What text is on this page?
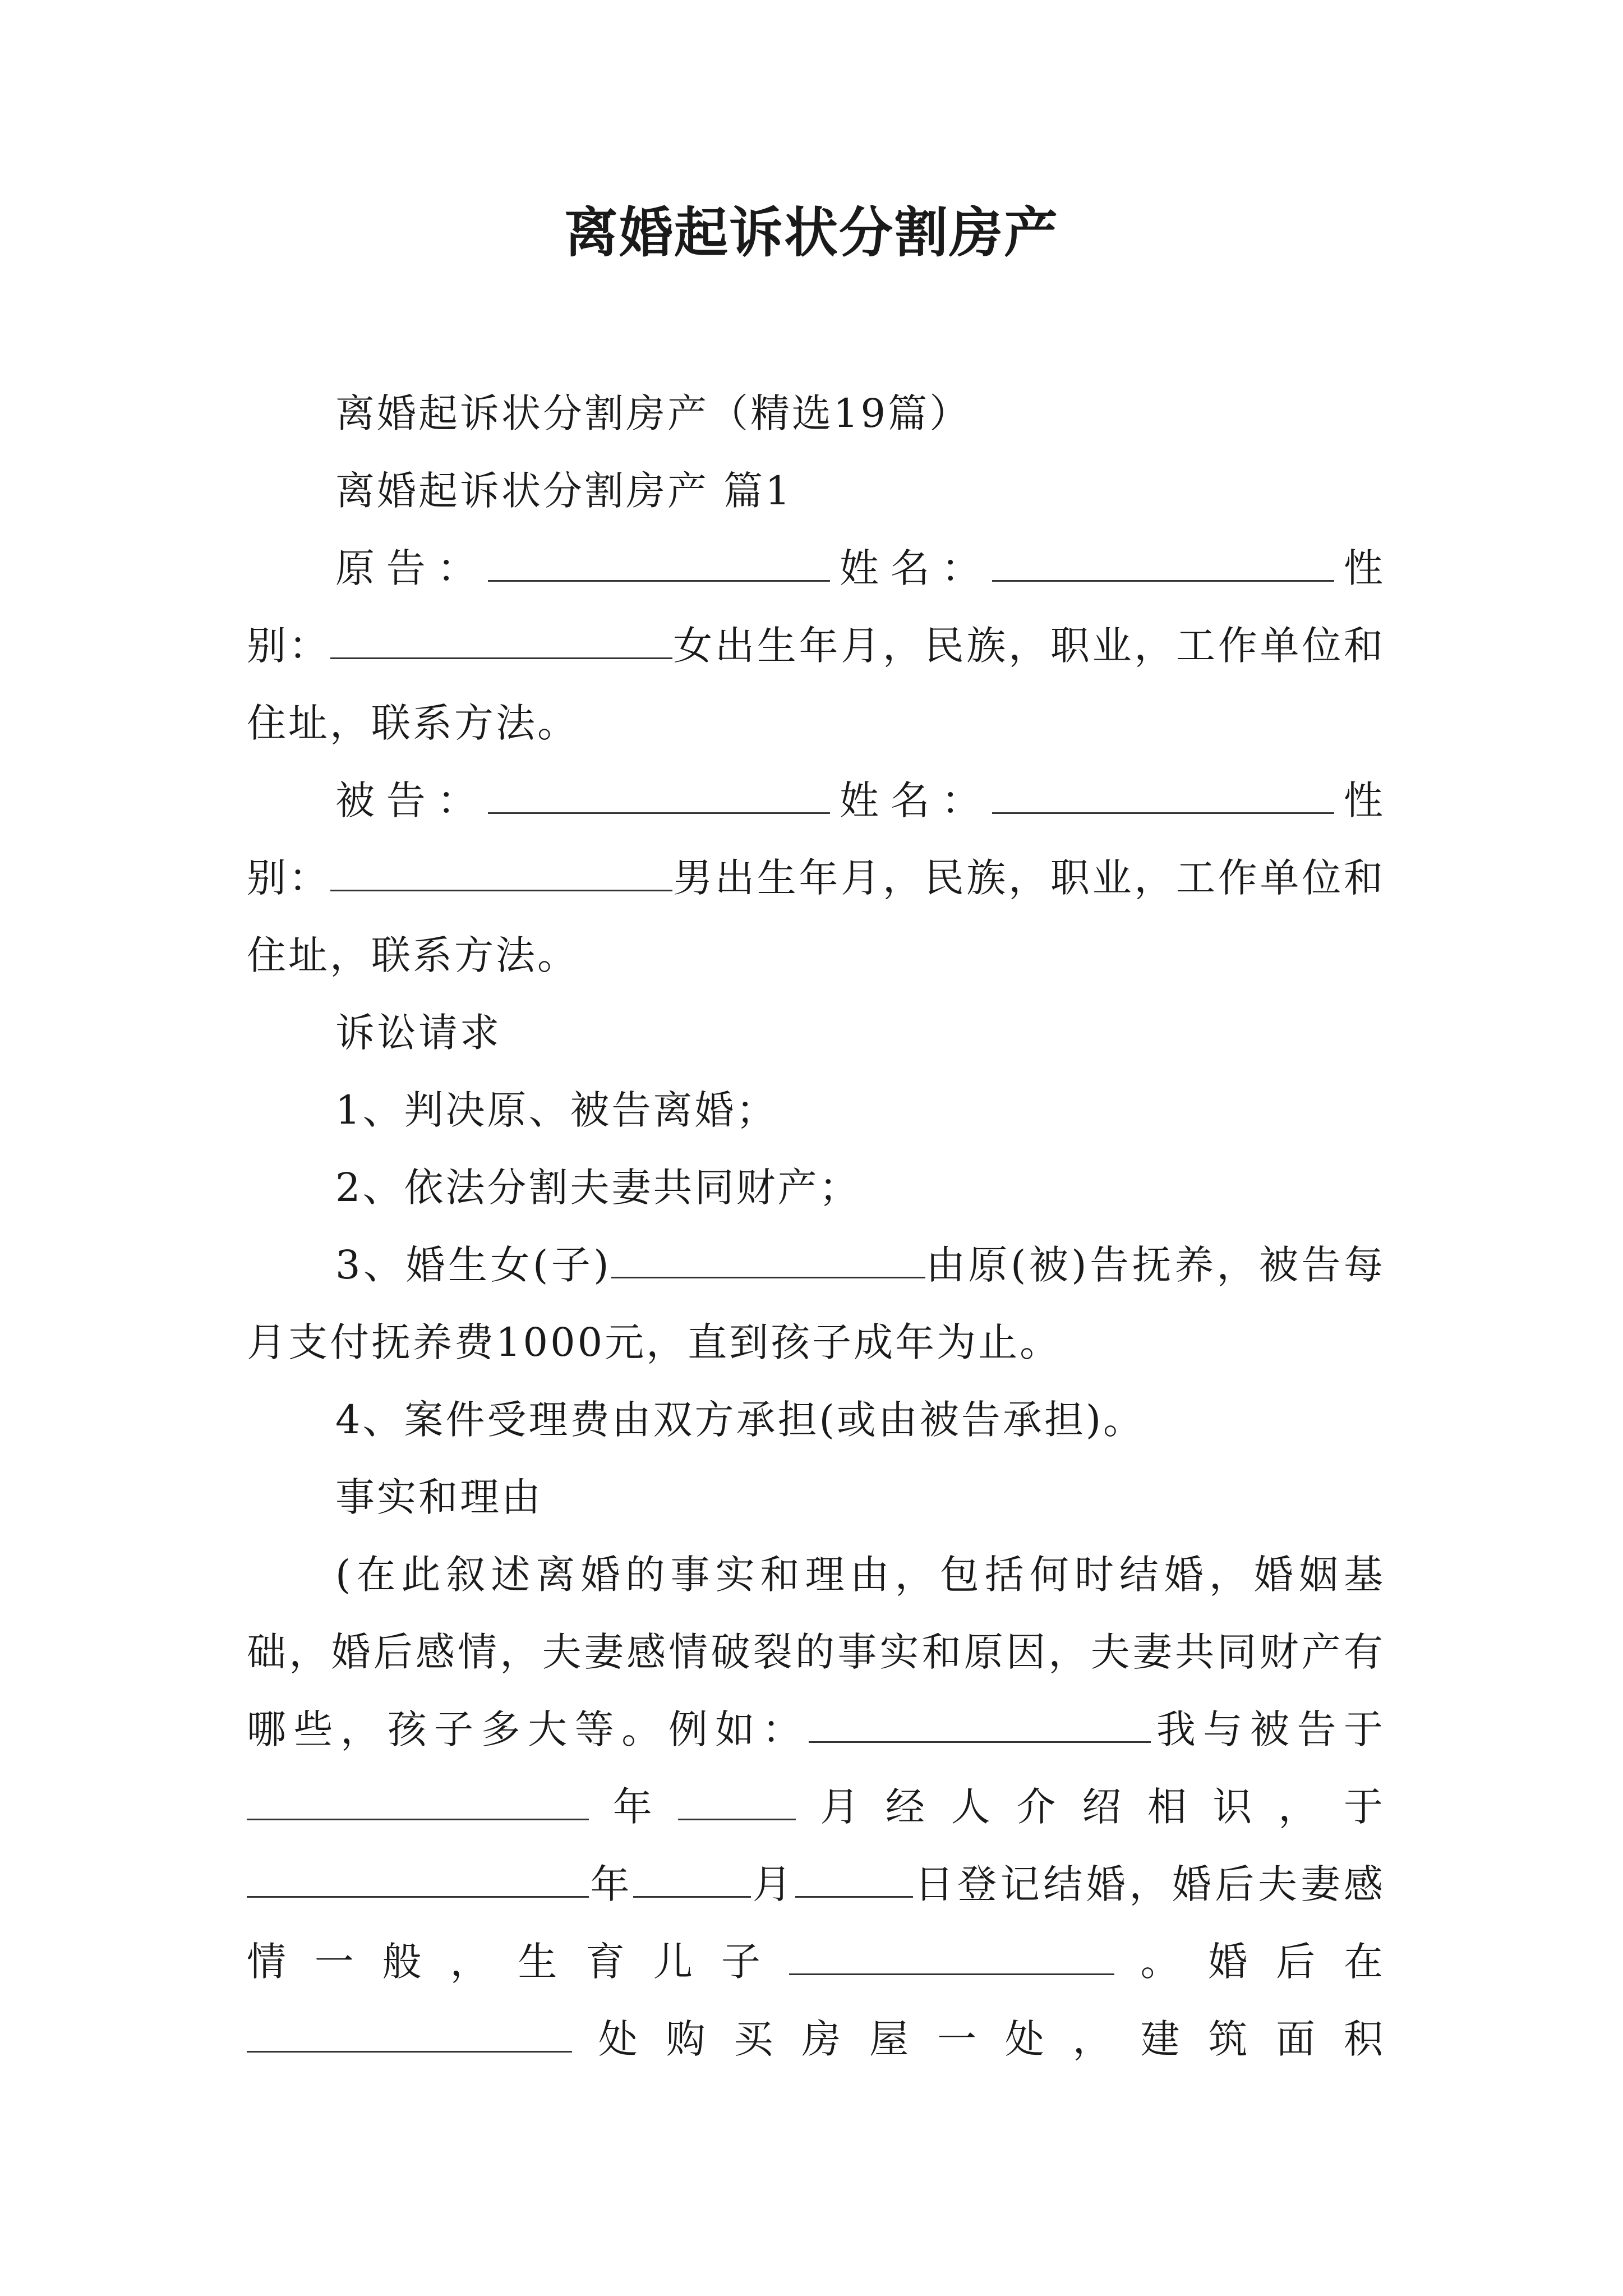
离婚起诉状分割房产

离婚起诉状分割房产（精选19篇）

离婚起诉状分割房产 篇1

原告：	姓名：	性别：	女出生年月，民族，职业，工作单位和住址，联系方法。

被告：	姓名：	性别：	男出生年月，民族，职业，工作单位和住址，联系方法。

诉讼请求

1、判决原、被告离婚；

2、依法分割夫妻共同财产；

3、婚生女(子)	由原(被)告抚养，被告每月支付抚养费1000元，直到孩子成年为止。

4、案件受理费由双方承担(或由被告承担)。

事实和理由

(在此叙述离婚的事实和理由，包括何时结婚，婚姻基础，婚后感情，夫妻感情破裂的事实和原因，夫妻共同财产有哪些，孩子多大等。例如：	我与被告于年	月经人介绍相识，于年	月	日登记结婚，婚后夫妻感情一般，生育儿子	。婚后在处购买房屋一处，建筑面积
